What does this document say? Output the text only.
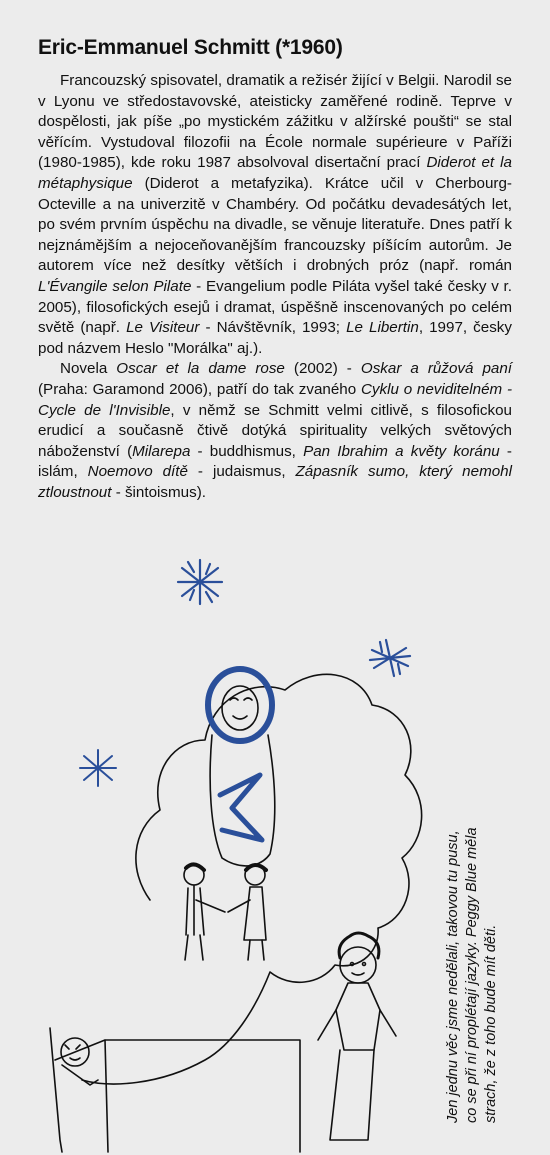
Eric-Emmanuel Schmitt (*1960)

Francouzský spisovatel, dramatik a režisér žijící v Belgii. Narodil se v Lyonu ve středostavovské, ateisticky zaměřené rodině. Teprve v dospělosti, jak píše „po mystickém zážitku v alžírské poušti“ se stal věřícím. Vystudoval filozofii na École normale supérieure v Paříži (1980-1985), kde roku 1987 absolvoval disertační prací Diderot et la métaphysique (Diderot a metafyzika). Krátce učil v Cherbourg-Octeville a na univerzitě v Chambéry. Od počátku devadesátých let, po svém prvním úspěchu na divadle, se věnuje literatuře. Dnes patří k nejznámějším a nejoceňovanějším francouzsky píšícím autorům. Je autorem více než desítky větších i drobných próz (např. román L'Évangile selon Pilate - Evangelium podle Piláta vyšel také česky v r. 2005), filosofických esejů i dramat, úspěšně inscenovaných po celém světě (např. Le Visiteur - Návštěvník, 1993; Le Libertin, 1997, česky pod názvem Heslo "Morálka" aj.).

Novela Oscar et la dame rose (2002) - Oskar a růžová paní (Praha: Garamond 2006), patří do tak zvaného Cyklu o neviditelném - Cycle de l'Invisible, v němž se Schmitt velmi citlivě, s filosofickou erudicí a současně čtivě dotýká spirituality velkých světových náboženství (Milarepa - buddhismus, Pan Ibrahim a květy koránu - islám, Noemovo dítě - judaismus, Zápasník sumo, který nemohl ztloustnout - šintoismus).

Jen jednu věc jsme nedělali, takovou tu pusu, co se při ní proplétají jazyky. Peggy Blue měla strach, že z toho bude mít děti.
